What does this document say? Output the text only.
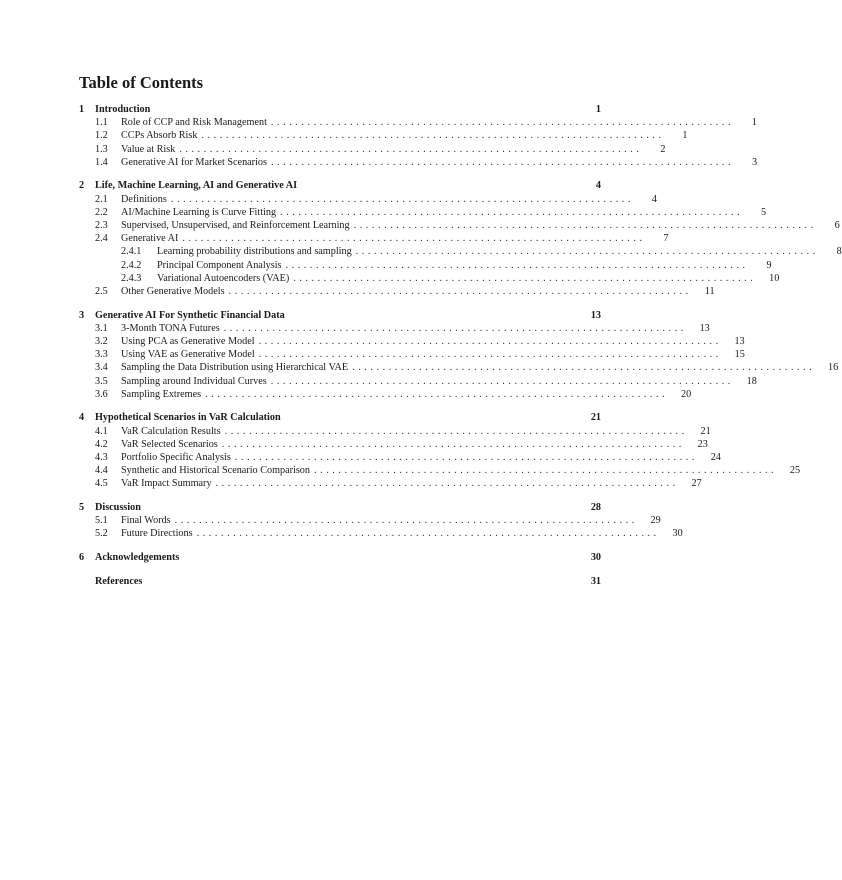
Table of Contents
1	Introduction	1
1.1	Role of CCP and Risk Management . . . . . . . . . . . . . . . . . . . . . . . . . . . . . . . . . . . . . . . . . . . . . . . . . . . . . . . . . . . . . . . . . . . . . . . . . . . .	1
1.2	CCPs Absorb Risk . . . . . . . . . . . . . . . . . . . . . . . . . . . . . . . . . . . . . . . . . . . . . . . . . . . . . . . . . . . . . . . . . . . . . . . . . . . .	1
1.3	Value at Risk . . . . . . . . . . . . . . . . . . . . . . . . . . . . . . . . . . . . . . . . . . . . . . . . . . . . . . . . . . . . . . . . . . . . . . . . . . . .	2
1.4	Generative AI for Market Scenarios . . . . . . . . . . . . . . . . . . . . . . . . . . . . . . . . . . . . . . . . . . . . . . . . . . . . . . . . . . . . . . . . . . . . . . . . . . . .	3
2	Life, Machine Learning, AI and Generative AI	4
2.1	Definitions . . . . . . . . . . . . . . . . . . . . . . . . . . . . . . . . . . . . . . . . . . . . . . . . . . . . . . . . . . . . . . . . . . . . . . . . . . . .	4
2.2	AI/Machine Learning is Curve Fitting . . . . . . . . . . . . . . . . . . . . . . . . . . . . . . . . . . . . . . . . . . . . . . . . . . . . . . . . . . . . . . . . . . . . . . . . . . . .	5
2.3	Supervised, Unsupervised, and Reinforcement Learning . . . . . . . . . . . . . . . . . . . . . . . . . . . . . . . . . . . . . . . . . . . . . . . . . . . . . . . . . . . . . . . . . . . . . . . . . . . .	6
2.4	Generative AI . . . . . . . . . . . . . . . . . . . . . . . . . . . . . . . . . . . . . . . . . . . . . . . . . . . . . . . . . . . . . . . . . . . . . . . . . . . .	7
2.4.1	Learning probability distributions and sampling . . . . . . . . . . . . . . . . . . . . . . . . . . . . . . . . . . . . . . . . . . . . . . . . . . . . . . . . . . . . . . . . . . . . . . . . . . . .	8
2.4.2	Principal Component Analysis . . . . . . . . . . . . . . . . . . . . . . . . . . . . . . . . . . . . . . . . . . . . . . . . . . . . . . . . . . . . . . . . . . . . . . . . . . . .	9
2.4.3	Variational Autoencoders (VAE) . . . . . . . . . . . . . . . . . . . . . . . . . . . . . . . . . . . . . . . . . . . . . . . . . . . . . . . . . . . . . . . . . . . . . . . . . . . .	10
2.5	Other Generative Models . . . . . . . . . . . . . . . . . . . . . . . . . . . . . . . . . . . . . . . . . . . . . . . . . . . . . . . . . . . . . . . . . . . . . . . . . . . .	11
3	Generative AI For Synthetic Financial Data	13
3.1	3-Month TONA Futures . . . . . . . . . . . . . . . . . . . . . . . . . . . . . . . . . . . . . . . . . . . . . . . . . . . . . . . . . . . . . . . . . . . . . . . . . . . .	13
3.2	Using PCA as Generative Model . . . . . . . . . . . . . . . . . . . . . . . . . . . . . . . . . . . . . . . . . . . . . . . . . . . . . . . . . . . . . . . . . . . . . . . . . . . .	13
3.3	Using VAE as Generative Model . . . . . . . . . . . . . . . . . . . . . . . . . . . . . . . . . . . . . . . . . . . . . . . . . . . . . . . . . . . . . . . . . . . . . . . . . . . .	15
3.4	Sampling the Data Distribution using Hierarchical VAE . . . . . . . . . . . . . . . . . . . . . . . . . . . . . . . . . . . . . . . . . . . . . . . . . . . . . . . . . . . . . . . . . . . . . . . . . . . .	16
3.5	Sampling around Individual Curves . . . . . . . . . . . . . . . . . . . . . . . . . . . . . . . . . . . . . . . . . . . . . . . . . . . . . . . . . . . . . . . . . . . . . . . . . . . .	18
3.6	Sampling Extremes . . . . . . . . . . . . . . . . . . . . . . . . . . . . . . . . . . . . . . . . . . . . . . . . . . . . . . . . . . . . . . . . . . . . . . . . . . . .	20
4	Hypothetical Scenarios in VaR Calculation	21
4.1	VaR Calculation Results . . . . . . . . . . . . . . . . . . . . . . . . . . . . . . . . . . . . . . . . . . . . . . . . . . . . . . . . . . . . . . . . . . . . . . . . . . . .	21
4.2	VaR Selected Scenarios . . . . . . . . . . . . . . . . . . . . . . . . . . . . . . . . . . . . . . . . . . . . . . . . . . . . . . . . . . . . . . . . . . . . . . . . . . . .	23
4.3	Portfolio Specific Analysis . . . . . . . . . . . . . . . . . . . . . . . . . . . . . . . . . . . . . . . . . . . . . . . . . . . . . . . . . . . . . . . . . . . . . . . . . . . .	24
4.4	Synthetic and Historical Scenario Comparison . . . . . . . . . . . . . . . . . . . . . . . . . . . . . . . . . . . . . . . . . . . . . . . . . . . . . . . . . . . . . . . . . . . . . . . . . . . .	25
4.5	VaR Impact Summary . . . . . . . . . . . . . . . . . . . . . . . . . . . . . . . . . . . . . . . . . . . . . . . . . . . . . . . . . . . . . . . . . . . . . . . . . . . .	27
5	Discussion	28
5.1	Final Words . . . . . . . . . . . . . . . . . . . . . . . . . . . . . . . . . . . . . . . . . . . . . . . . . . . . . . . . . . . . . . . . . . . . . . . . . . . .	29
5.2	Future Directions . . . . . . . . . . . . . . . . . . . . . . . . . . . . . . . . . . . . . . . . . . . . . . . . . . . . . . . . . . . . . . . . . . . . . . . . . . . .	30
6	Acknowledgements	30
References	31
